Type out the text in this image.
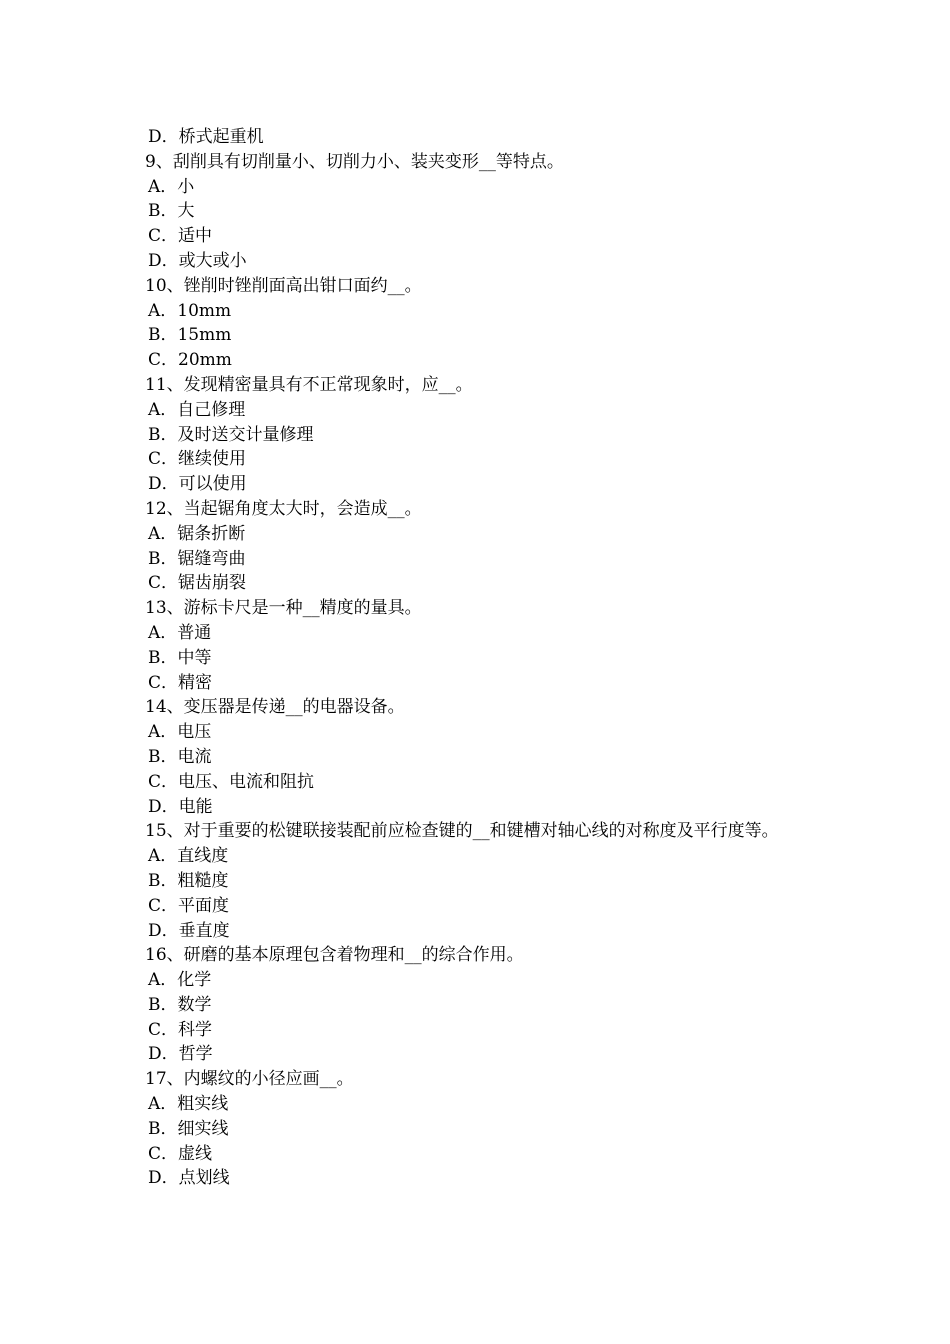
D．桥式起重机
9、刮削具有切削量小、切削力小、装夹变形__等特点。
A．小
B．大
C．适中
D．或大或小
10、锉削时锉削面高出钳口面约__。
A．10mm
B．15mm
C．20mm
11、发现精密量具有不正常现象时，应__。
A．自己修理
B．及时送交计量修理
C．继续使用
D．可以使用
12、当起锯角度太大时，会造成__。
A．锯条折断
B．锯缝弯曲
C．锯齿崩裂
13、游标卡尺是一种__精度的量具。
A．普通
B．中等
C．精密
14、变压器是传递__的电器设备。
A．电压
B．电流
C．电压、电流和阻抗
D．电能
15、对于重要的松键联接装配前应检查键的__和键槽对轴心线的对称度及平行度等。
A．直线度
B．粗糙度
C．平面度
D．垂直度
16、研磨的基本原理包含着物理和__的综合作用。
A．化学
B．数学
C．科学
D．哲学
17、内螺纹的小径应画__。
A．粗实线
B．细实线
C．虚线
D．点划线
